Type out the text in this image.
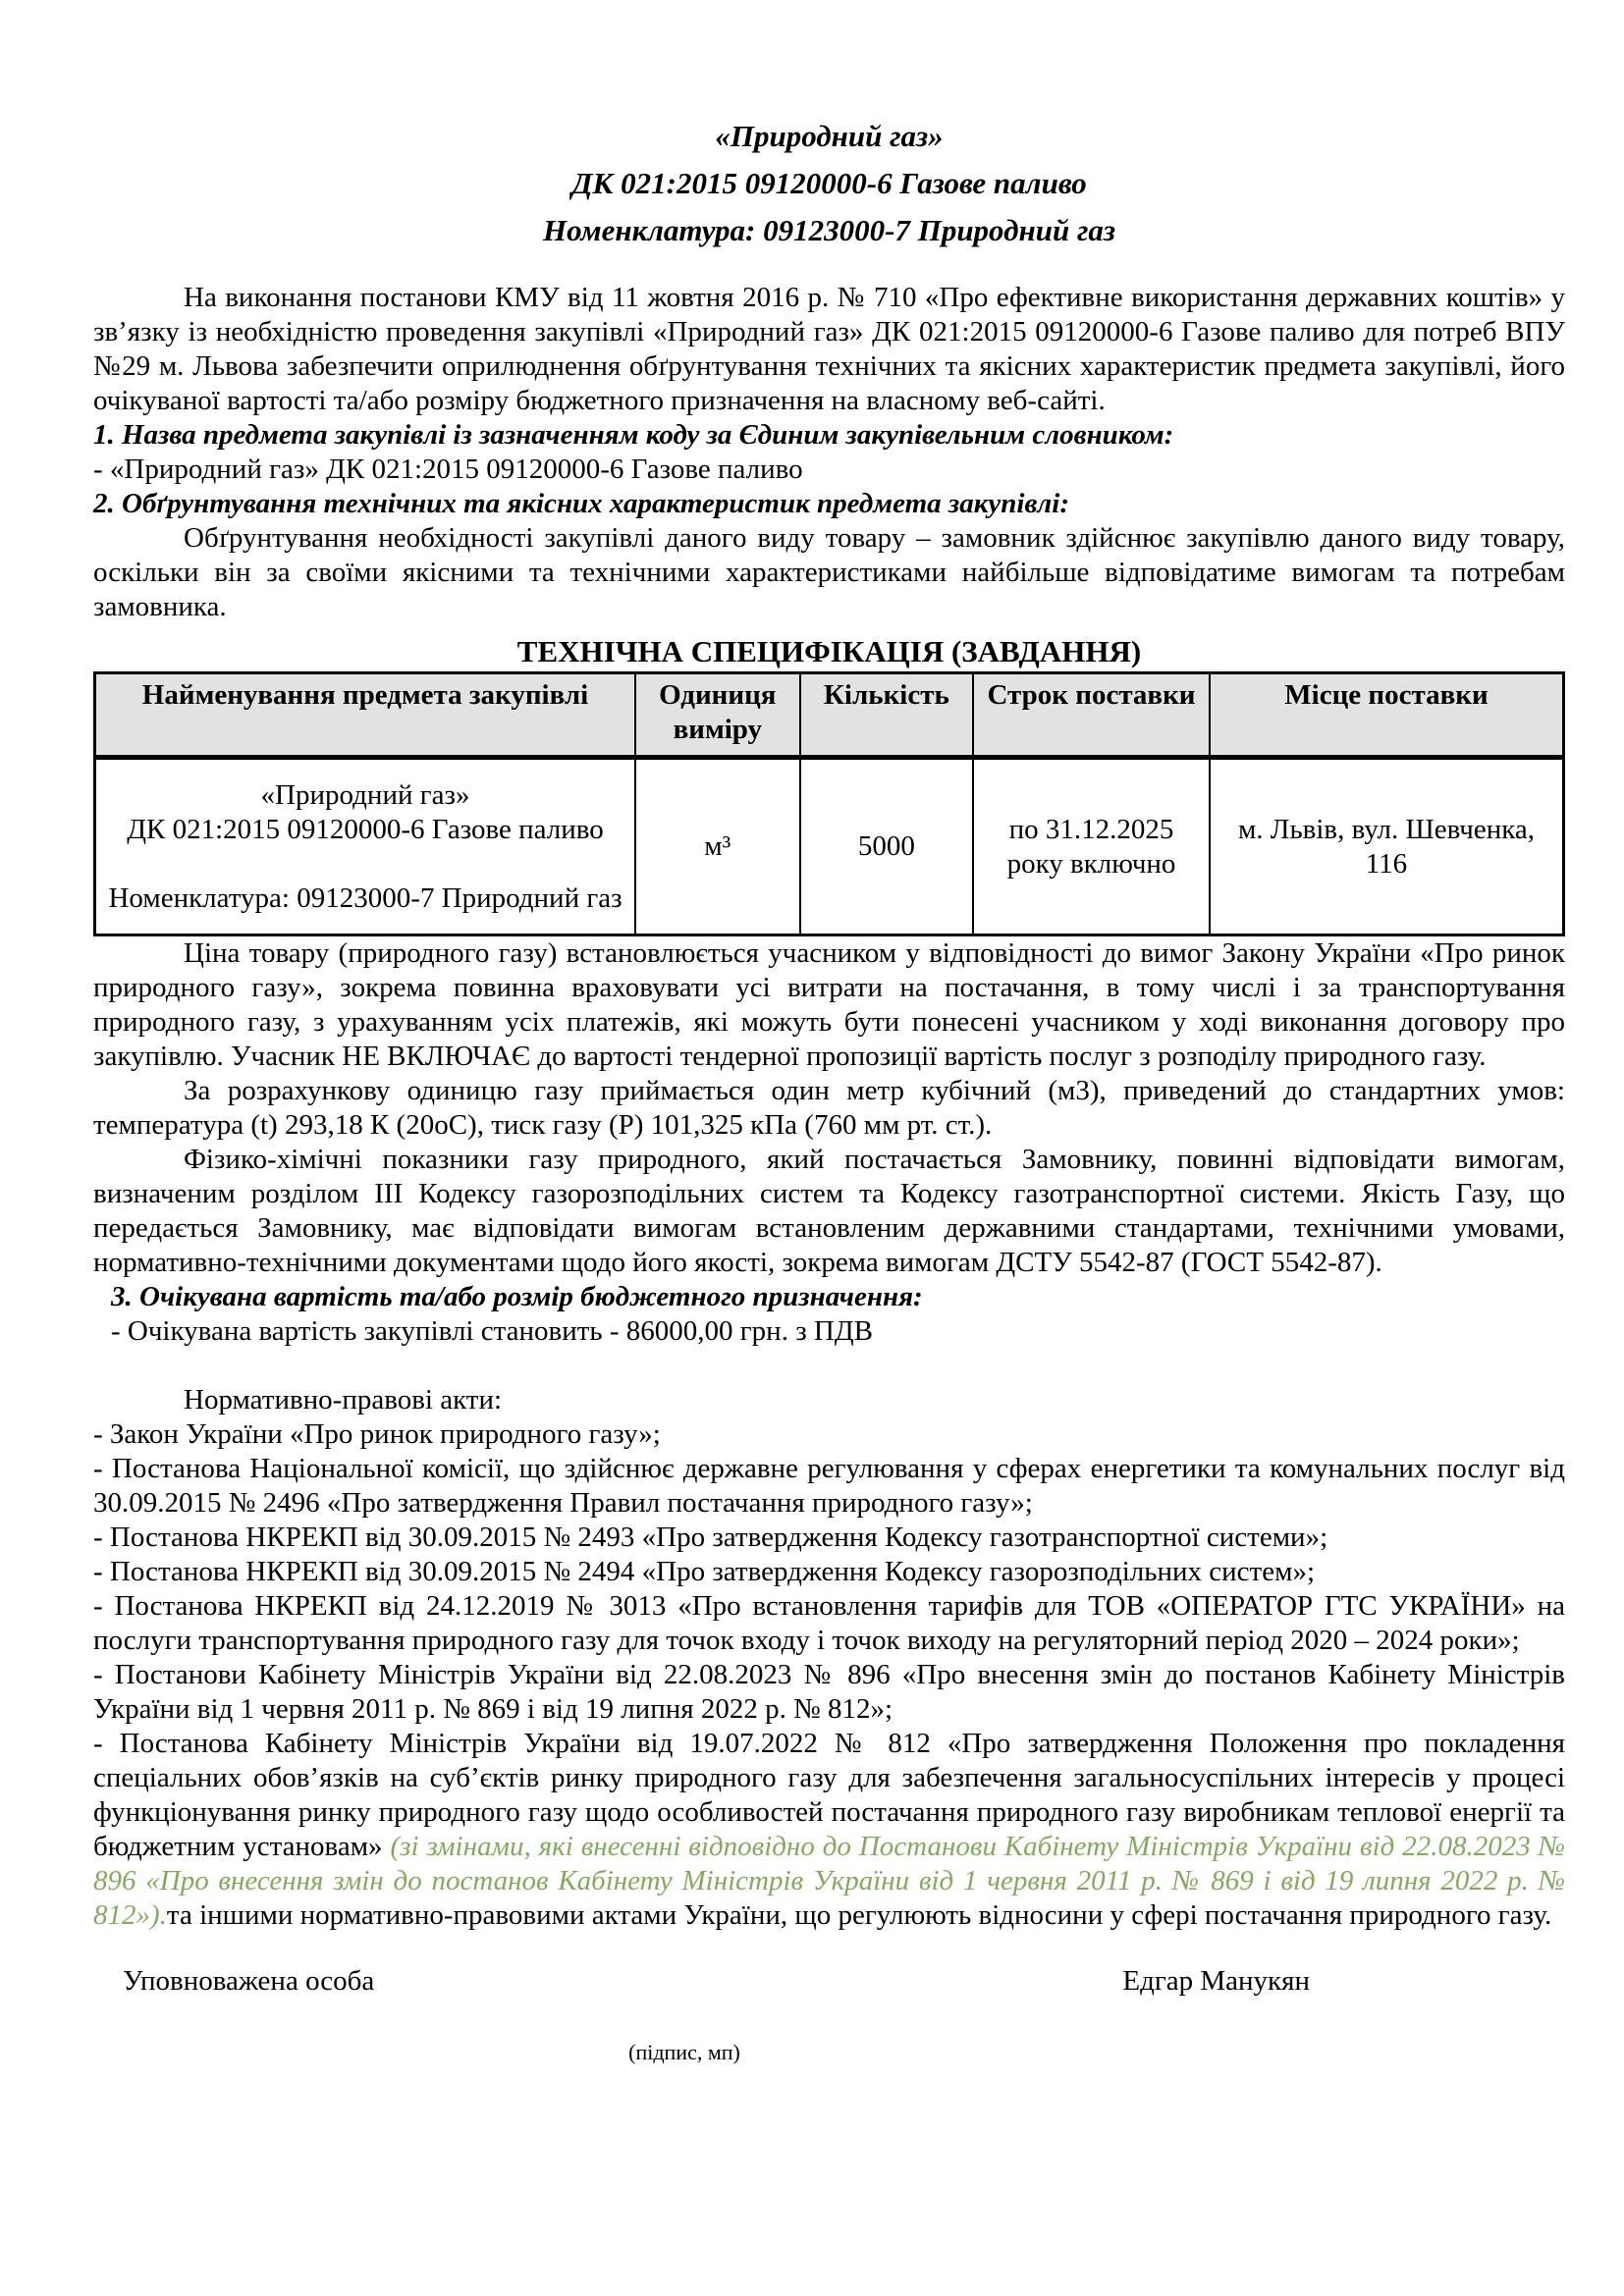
«Природний газ»
ДК 021:2015 09120000-6 Газове паливо
Номенклатура: 09123000-7 Природний газ

На виконання постанови КМУ від 11 жовтня 2016 р. № 710 «Про ефективне використання державних коштів» у зв’язку із необхідністю проведення закупівлі «Природний газ» ДК 021:2015 09120000-6 Газове паливо для потреб ВПУ №29 м. Львова забезпечити оприлюднення обґрунтування технічних та якісних характеристик предмета закупівлі, його очікуваної вартості та/або розміру бюджетного призначення на власному веб-сайті.

1. Назва предмета закупівлі із зазначенням коду за Єдиним закупівельним словником:

- «Природний газ» ДК 021:2015 09120000-6 Газове паливо

2. Обґрунтування технічних та якісних характеристик предмета закупівлі:

Обґрунтування необхідності закупівлі даного виду товару – замовник здійснює закупівлю даного виду товару, оскільки він за своїми якісними та технічними характеристиками найбільше відповідатиме вимогам та потребам замовника.

ТЕХНІЧНА СПЕЦИФІКАЦІЯ (ЗАВДАННЯ)

Найменування предмета закупівлі	Одиниця виміру	Кількість	Строк поставки	Місце поставки

«Природний газ»
ДК 021:2015 09120000-6 Газове паливо
Номенклатура: 09123000-7 Природний газ	м³	5000	по 31.12.2025 року включно	м. Львів, вул. Шевченка, 116

Ціна товару (природного газу) встановлюється учасником у відповідності до вимог Закону України «Про ринок природного газу», зокрема повинна враховувати усі витрати на постачання, в тому числі і за транспортування природного газу, з урахуванням усіх платежів, які можуть бути понесені учасником у ході виконання договору про закупівлю. Учасник НЕ ВКЛЮЧАЄ до вартості тендерної пропозиції вартість послуг з розподілу природного газу.

За розрахункову одиницю газу приймається один метр кубічний (м3), приведений до стандартних умов: температура (t) 293,18 К (20оС), тиск газу (Р) 101,325 кПа (760 мм рт. ст.).

Фізико-хімічні показники газу природного, який постачається Замовнику, повинні відповідати вимогам, визначеним розділом ІІІ Кодексу газорозподільних систем та Кодексу газотранспортної системи. Якість Газу, що передається Замовнику, має відповідати вимогам встановленим державними стандартами, технічними умовами, нормативно-технічними документами щодо його якості, зокрема вимогам ДСТУ 5542-87 (ГОСТ 5542-87).

3. Очікувана вартість та/або розмір бюджетного призначення:

- Очікувана вартість закупівлі становить - 86000,00 грн. з ПДВ

Нормативно-правові акти:

- Закон України «Про ринок природного газу»;

- Постанова Національної комісії, що здійснює державне регулювання у сферах енергетики та комунальних послуг від 30.09.2015 № 2496 «Про затвердження Правил постачання природного газу»;

- Постанова НКРЕКП від 30.09.2015 № 2493 «Про затвердження Кодексу газотранспортної системи»;

- Постанова НКРЕКП від 30.09.2015 № 2494 «Про затвердження Кодексу газорозподільних систем»;

- Постанова НКРЕКП від 24.12.2019 № 3013 «Про встановлення тарифів для ТОВ «ОПЕРАТОР ГТС УКРАЇНИ» на послуги транспортування природного газу для точок входу і точок виходу на регуляторний період 2020 – 2024 роки»;

- Постанови Кабінету Міністрів України від 22.08.2023 № 896 «Про внесення змін до постанов Кабінету Міністрів України від 1 червня 2011 р. № 869 і від 19 липня 2022 р. № 812»;

- Постанова Кабінету Міністрів України від 19.07.2022 № 812 «Про затвердження Положення про покладення спеціальних обов’язків на суб’єктів ринку природного газу для забезпечення загальносуспільних інтересів у процесі функціонування ринку природного газу щодо особливостей постачання природного газу виробникам теплової енергії та бюджетним установам» (зі змінами, які внесенні відповідно до Постанови Кабінету Міністрів України від 22.08.2023 № 896 «Про внесення змін до постанов Кабінету Міністрів України від 1 червня 2011 р. № 869 і від 19 липня 2022 р. № 812»).та іншими нормативно-правовими актами України, що регулюють відносини у сфері постачання природного газу.

Уповноважена особа	Едгар Манукян
(підпис, мп)
